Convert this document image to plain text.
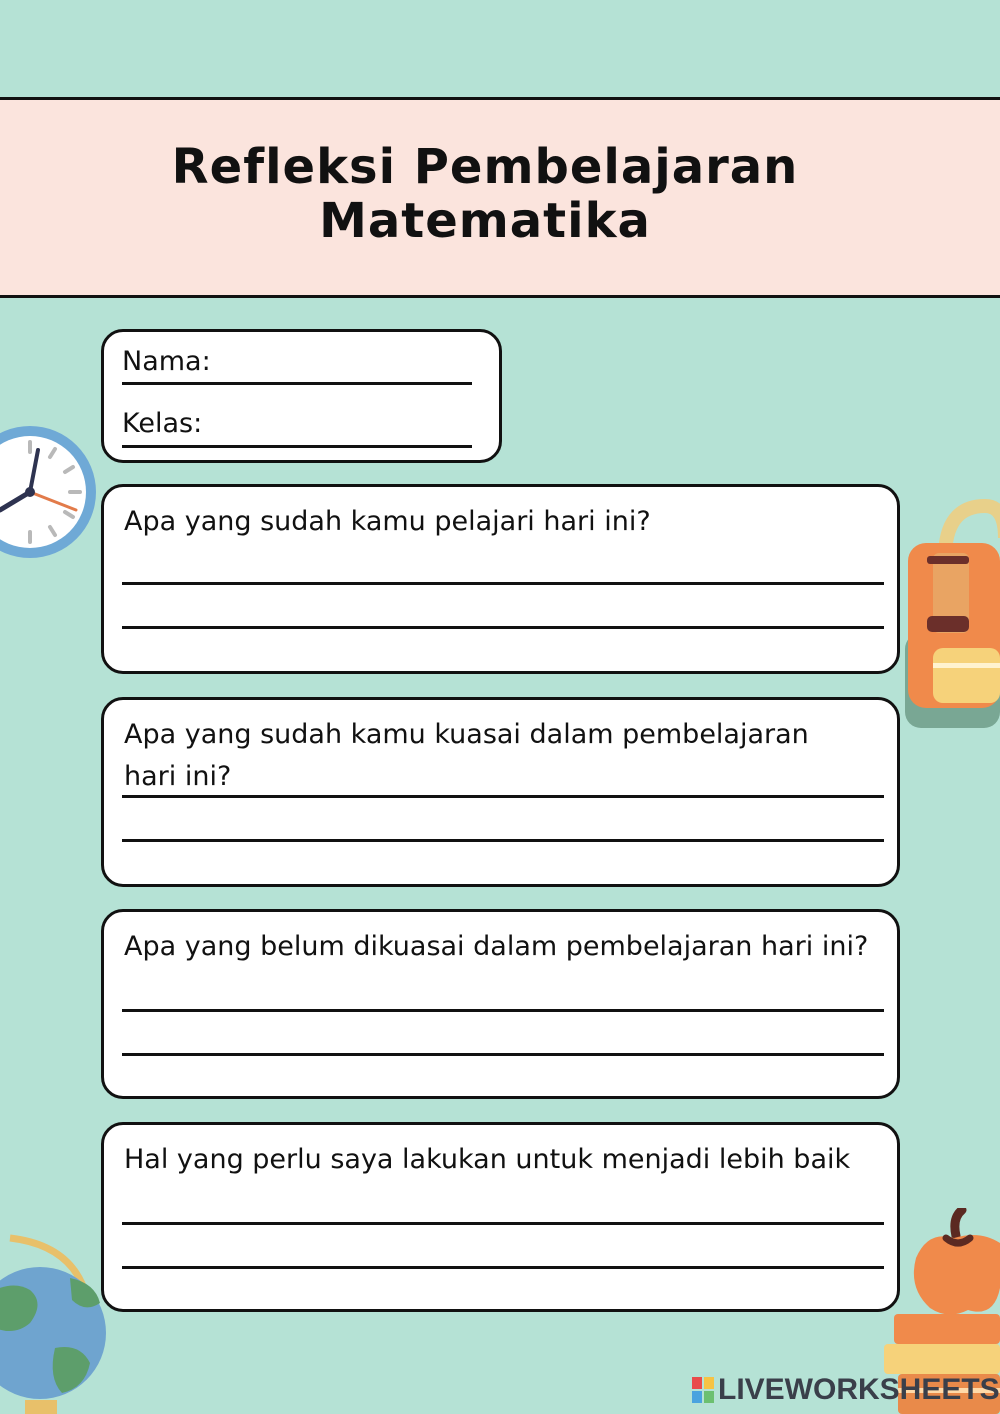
Refleksi Pembelajaran
Matematika
Nama:
Kelas:
Apa yang sudah kamu pelajari hari ini?
Apa yang sudah kamu kuasai dalam pembelajaran hari ini?
Apa yang belum dikuasai dalam pembelajaran hari ini?
Hal yang perlu saya lakukan untuk menjadi lebih baik
LIVEWORKSHEETS
